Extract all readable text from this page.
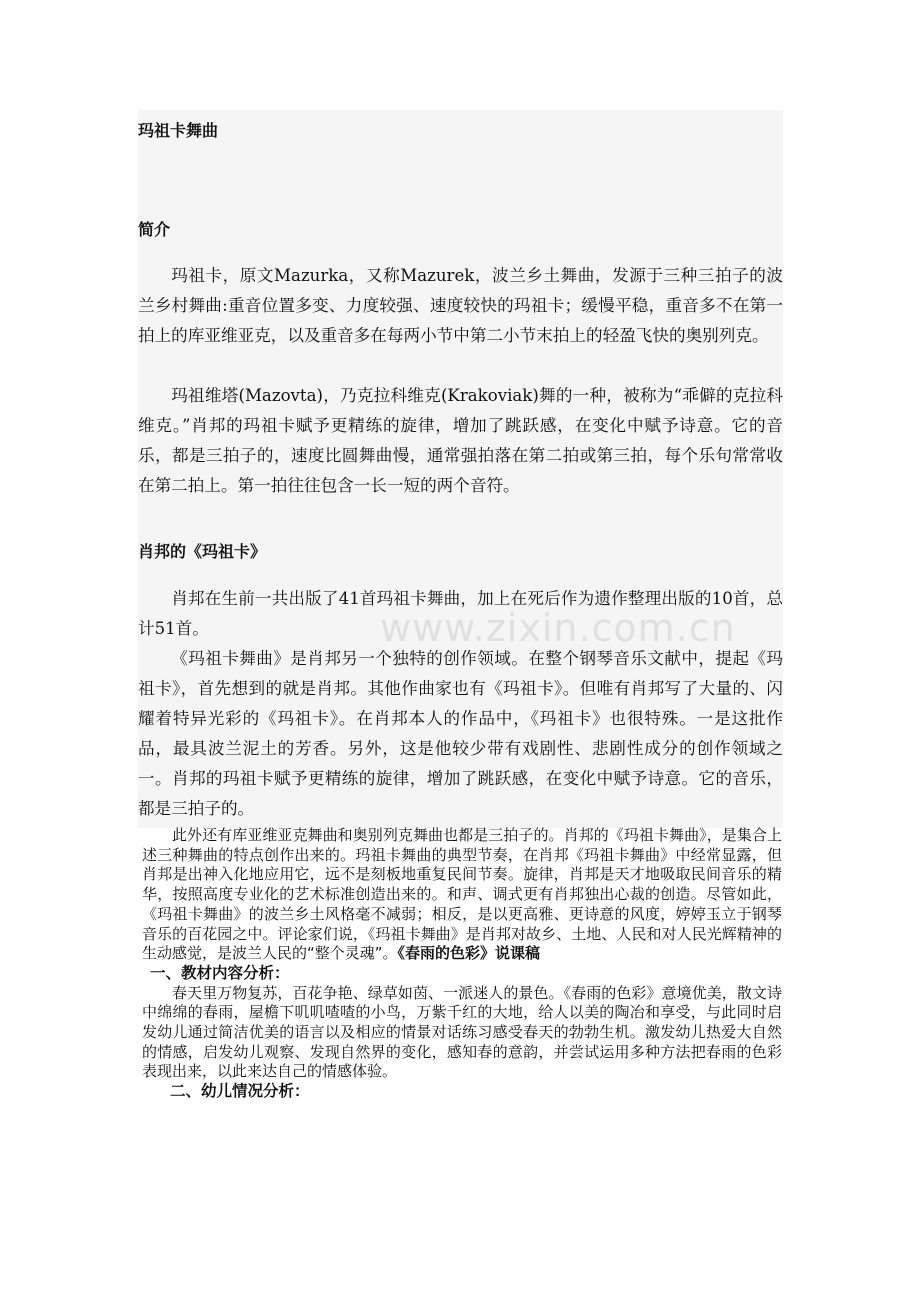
玛祖卡舞曲
简介

玛祖卡，原文Mazurka，又称Mazurek，波兰乡土舞曲，发源于三种三拍子的波兰乡村舞曲:重音位置多变、力度较强、速度较快的玛祖卡；缓慢平稳，重音多不在第一拍上的库亚维亚克，以及重音多在每两小节中第二小节末拍上的轻盈飞快的奥别列克。

玛祖维塔(Mazovta)，乃克拉科维克(Krakoviak)舞的一种，被称为“乖僻的克拉科维克。”肖邦的玛祖卡赋予更精练的旋律，增加了跳跃感，在变化中赋予诗意。它的音乐，都是三拍子的，速度比圆舞曲慢，通常强拍落在第二拍或第三拍，每个乐句常常收在第二拍上。第一拍往往包含一长一短的两个音符。

肖邦的《玛祖卡》

肖邦在生前一共出版了41首玛祖卡舞曲，加上在死后作为遗作整理出版的10首，总计51首。

《玛祖卡舞曲》是肖邦另一个独特的创作领域。在整个钢琴音乐文献中，提起《玛祖卡》，首先想到的就是肖邦。其他作曲家也有《玛祖卡》。但唯有肖邦写了大量的、闪耀着特异光彩的《玛祖卡》。在肖邦本人的作品中，《玛祖卡》也很特殊。一是这批作品，最具波兰泥土的芳香。另外，这是他较少带有戏剧性、悲剧性成分的创作领域之一。肖邦的玛祖卡赋予更精练的旋律，增加了跳跃感，在变化中赋予诗意。它的音乐，都是三拍子的。

此外还有库亚维亚克舞曲和奥别列克舞曲也都是三拍子的。肖邦的《玛祖卡舞曲》，是集合上述三种舞曲的特点创作出来的。玛祖卡舞曲的典型节奏，在肖邦《玛祖卡舞曲》中经常显露，但肖邦是出神入化地应用它，远不是刻板地重复民间节奏。旋律，肖邦是天才地吸取民间音乐的精华，按照高度专业化的艺术标准创造出来的。和声、调式更有肖邦独出心裁的创造。尽管如此，《玛祖卡舞曲》的波兰乡土风格毫不减弱；相反，是以更高雅、更诗意的风度，婷婷玉立于钢琴音乐的百花园之中。评论家们说，《玛祖卡舞曲》是肖邦对故乡、土地、人民和对人民光辉精神的生动感觉，是波兰人民的“整个灵魂”。《春雨的色彩》说课稿

一、教材内容分析：

春天里万物复苏，百花争艳、绿草如茵、一派迷人的景色。《春雨的色彩》意境优美，散文诗中绵绵的春雨，屋檐下叽叽喳喳的小鸟，万紫千红的大地，给人以美的陶冶和享受，与此同时启发幼儿通过简洁优美的语言以及相应的情景对话练习感受春天的勃勃生机。激发幼儿热爱大自然的情感，启发幼儿观察、发现自然界的变化，感知春的意韵，并尝试运用多种方法把春雨的色彩表现出来，以此来达自己的情感体验。

二、幼儿情况分析：

www.zixin.com.cn
